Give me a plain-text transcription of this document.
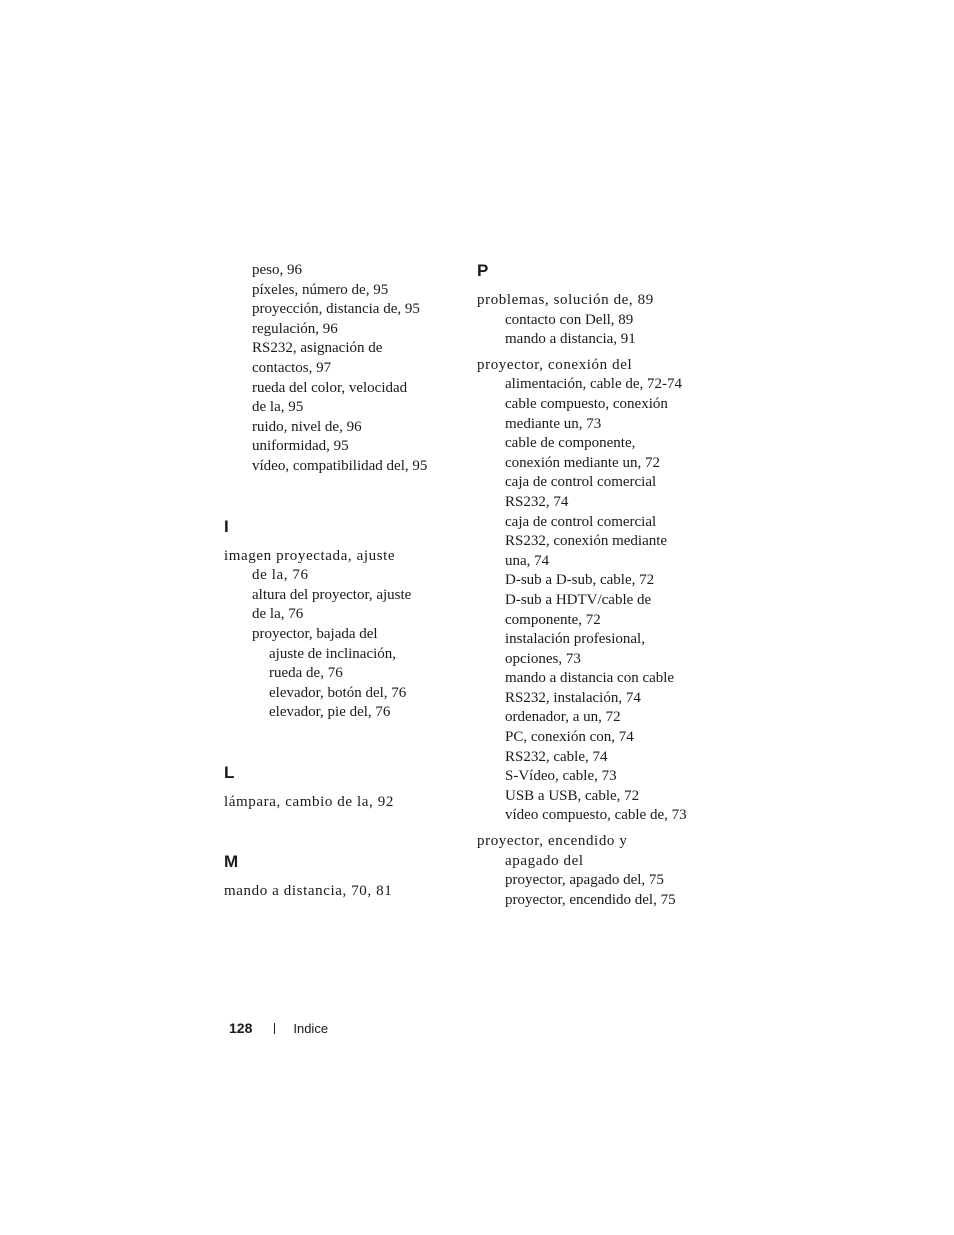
peso, 96
píxeles, número de, 95
proyección, distancia de, 95
regulación, 96
RS232, asignación de
contactos, 97
rueda del color, velocidad
de la, 95
ruido, nivel de, 96
uniformidad, 95
vídeo, compatibilidad del, 95
I
imagen proyectada, ajuste
de la, 76
altura del proyector, ajuste
de la, 76
proyector, bajada del
ajuste de inclinación,
rueda de, 76
elevador, botón del, 76
elevador, pie del, 76
L
lámpara, cambio de la, 92
M
mando a distancia, 70, 81
P
problemas, solución de, 89
contacto con Dell, 89
mando a distancia, 91
proyector, conexión del
alimentación, cable de, 72-74
cable compuesto, conexión
mediante un, 73
cable de componente,
conexión mediante un, 72
caja de control comercial
RS232, 74
caja de control comercial
RS232, conexión mediante
una, 74
D-sub a D-sub, cable, 72
D-sub a HDTV/cable de
componente, 72
instalación profesional,
opciones, 73
mando a distancia con cable
RS232, instalación, 74
ordenador, a un, 72
PC, conexión con, 74
RS232, cable, 74
S-Vídeo, cable, 73
USB a USB, cable, 72
vídeo compuesto, cable de, 73
proyector, encendido y
apagado del
proyector, apagado del, 75
proyector, encendido del, 75
128	Indice
